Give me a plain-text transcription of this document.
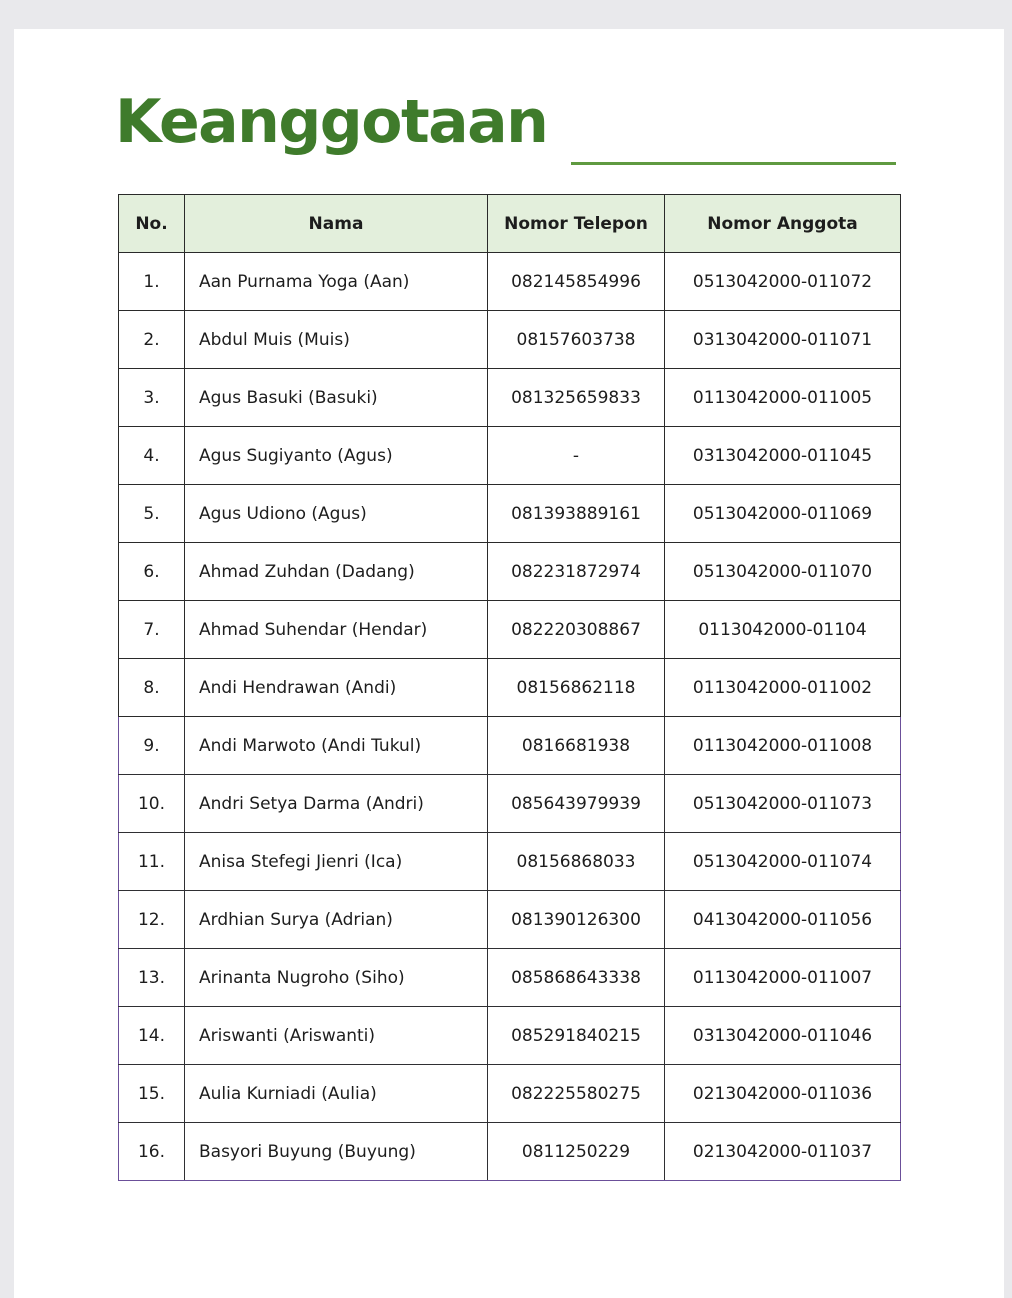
Keanggotaan
No.	Nama	Nomor Telepon	Nomor Anggota
1.	Aan Purnama Yoga (Aan)	082145854996	0513042000-011072
2.	Abdul Muis (Muis)	08157603738	0313042000-011071
3.	Agus Basuki (Basuki)	081325659833	0113042000-011005
4.	Agus Sugiyanto (Agus)	-	0313042000-011045
5.	Agus Udiono (Agus)	081393889161	0513042000-011069
6.	Ahmad Zuhdan (Dadang)	082231872974	0513042000-011070
7.	Ahmad Suhendar (Hendar)	082220308867	0113042000-01104
8.	Andi Hendrawan (Andi)	08156862118	0113042000-011002
9.	Andi Marwoto (Andi Tukul)	0816681938	0113042000-011008
10.	Andri Setya Darma (Andri)	085643979939	0513042000-011073
11.	Anisa Stefegi Jienri (Ica)	08156868033	0513042000-011074
12.	Ardhian Surya (Adrian)	081390126300	0413042000-011056
13.	Arinanta Nugroho (Siho)	085868643338	0113042000-011007
14.	Ariswanti (Ariswanti)	085291840215	0313042000-011046
15.	Aulia Kurniadi (Aulia)	082225580275	0213042000-011036
16.	Basyori Buyung (Buyung)	0811250229	0213042000-011037
